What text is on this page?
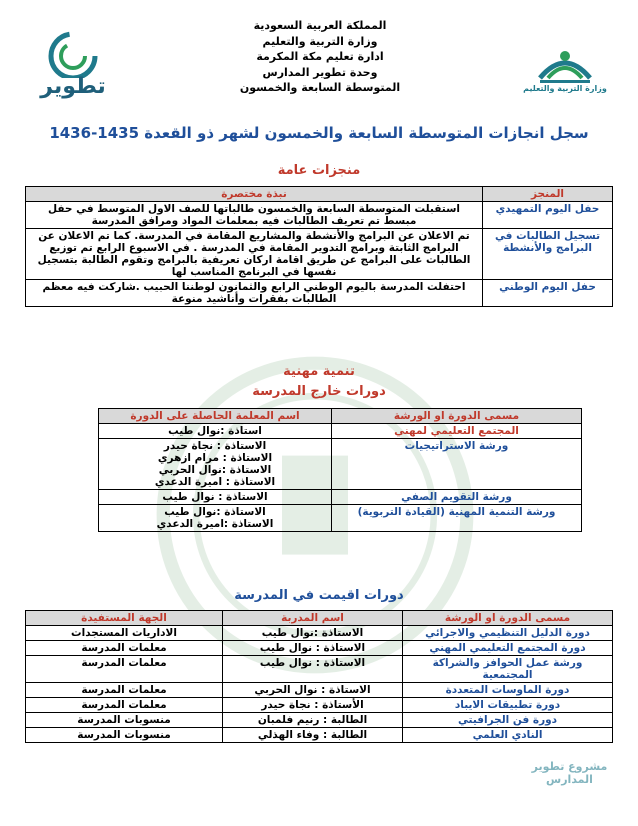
وزارة التربية والتعليم
المملكة العربية السعودية
وزارة التربية والتعليم
ادارة تعليم مكة المكرمة
وحدة تطوير المدارس
المتوسطة السابعة والخمسون
تطوير
سجل انجازات المتوسطة السابعة والخمسون لشهر ذو القعدة 1435-1436
منجزات عامة
المنجز	نبذة مختصرة
حفل اليوم التمهيدي	استقبلت المتوسطة السابعة والخمسون طالباتها للصف الاول المتوسط في حفل مبسط تم تعريف الطالبات فيه بمعلمات المواد ومرافق المدرسة
تسجيل الطالبات في البرامج والأنشطة	تم الاعلان عن البرامج والأنشطة والمشاريع المقامة في المدرسة. كما تم الاعلان عن البرامج الثابتة وبرامج التدوير المقامة في المدرسة . في الاسبوع الرابع تم توزيع الطالبات على البرامج عن طريق اقامة اركان تعريفية بالبرامج وتقوم الطالبة بتسجيل نفسها في البرنامج المناسب لها
حفل اليوم الوطني	احتفلت المدرسة باليوم الوطني الرابع والثمانون لوطننا الحبيب .شاركت فيه معظم الطالبات بفقرات وأناشيد منوعة
تنمية مهنية
دورات خارج المدرسة
مسمى الدورة او الورشة	اسم المعلمة الحاصلة على الدورة
المجتمع التعليمي لمهني	استاذة :نوال طيب
ورشة الاستراتيجيات	الاستاذة : نجاة حيدر
الاستاذة : مرام ازهري
الاستاذة :نوال الحربي
الاستاذة : اميرة الدعدي
ورشة التقويم الصفي	الاستاذة : نوال طيب
ورشة التنمية المهنية (القيادة التربوية)	الاستاذة :نوال طيب
الاستاذة :اميرة الدعدي
دورات اقيمت في المدرسة
مسمى الدورة او الورشة	اسم المدربة	الجهة المستفيدة
دورة الدليل التنظيمي والاجرائي	الاستاذة :نوال طيب	الاداريات المستجدات
دورة المجتمع التعليمي المهني	الاستاذة : نوال طيب	معلمات المدرسة
ورشة عمل الحوافز والشراكة المجتمعية	الاستاذة : نوال طيب	معلمات المدرسة
دورة الماوسات المتعددة	الاستاذة : نوال الحربي	معلمات المدرسة
دورة تطبيقات الايباد	الأستاذة : نجاة حيدر	معلمات المدرسة
دورة فن الجرافيتي	الطالبة : رنيم فلمبان	منسوبات المدرسة
النادي العلمي	الطالبة : وفاء الهذلي	منسوبات المدرسة
مشروع تطوير المدارس
